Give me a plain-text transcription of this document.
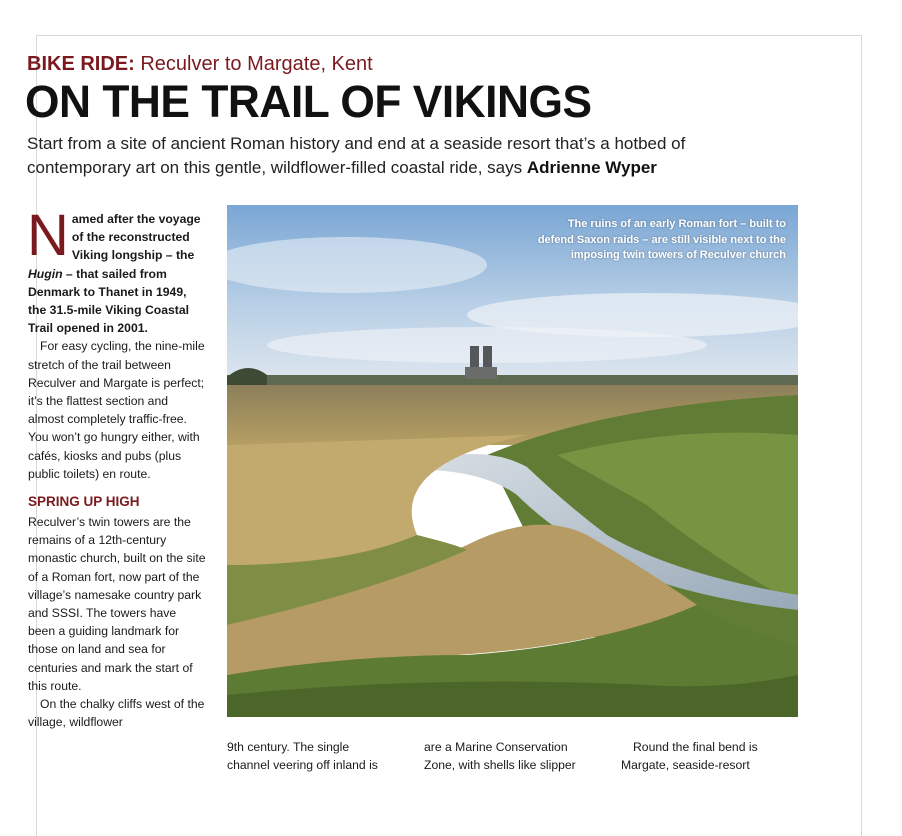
BIKE RIDE: Reculver to Margate, Kent
ON THE TRAIL OF VIKINGS
Start from a site of ancient Roman history and end at a seaside resort that’s a hotbed of contemporary art on this gentle, wildflower-filled coastal ride, says Adrienne Wyper

Named after the voyage of the reconstructed Viking longship – the Hugin – that sailed from Denmark to Thanet in 1949, the 31.5-mile Viking Coastal Trail opened in 2001.

For easy cycling, the nine-mile stretch of the trail between Reculver and Margate is perfect; it’s the flattest section and almost completely traffic-free. You won’t go hungry either, with cafés, kiosks and pubs (plus public toilets) en route.

SPRING UP HIGH

Reculver’s twin towers are the remains of a 12th-century monastic church, built on the site of a Roman fort, now part of the village’s namesake country park and SSSI. The towers have been a guiding landmark for those on land and sea for centuries and mark the start of this route.

On the chalky cliffs west of the village, wildflower

The ruins of an early Roman fort – built to defend Saxon raids – are still visible next to the imposing twin towers of Reculver church

9th century. The single channel veering off inland is

are a Marine Conservation Zone, with shells like slipper

Round the final bend is Margate, seaside-resort
